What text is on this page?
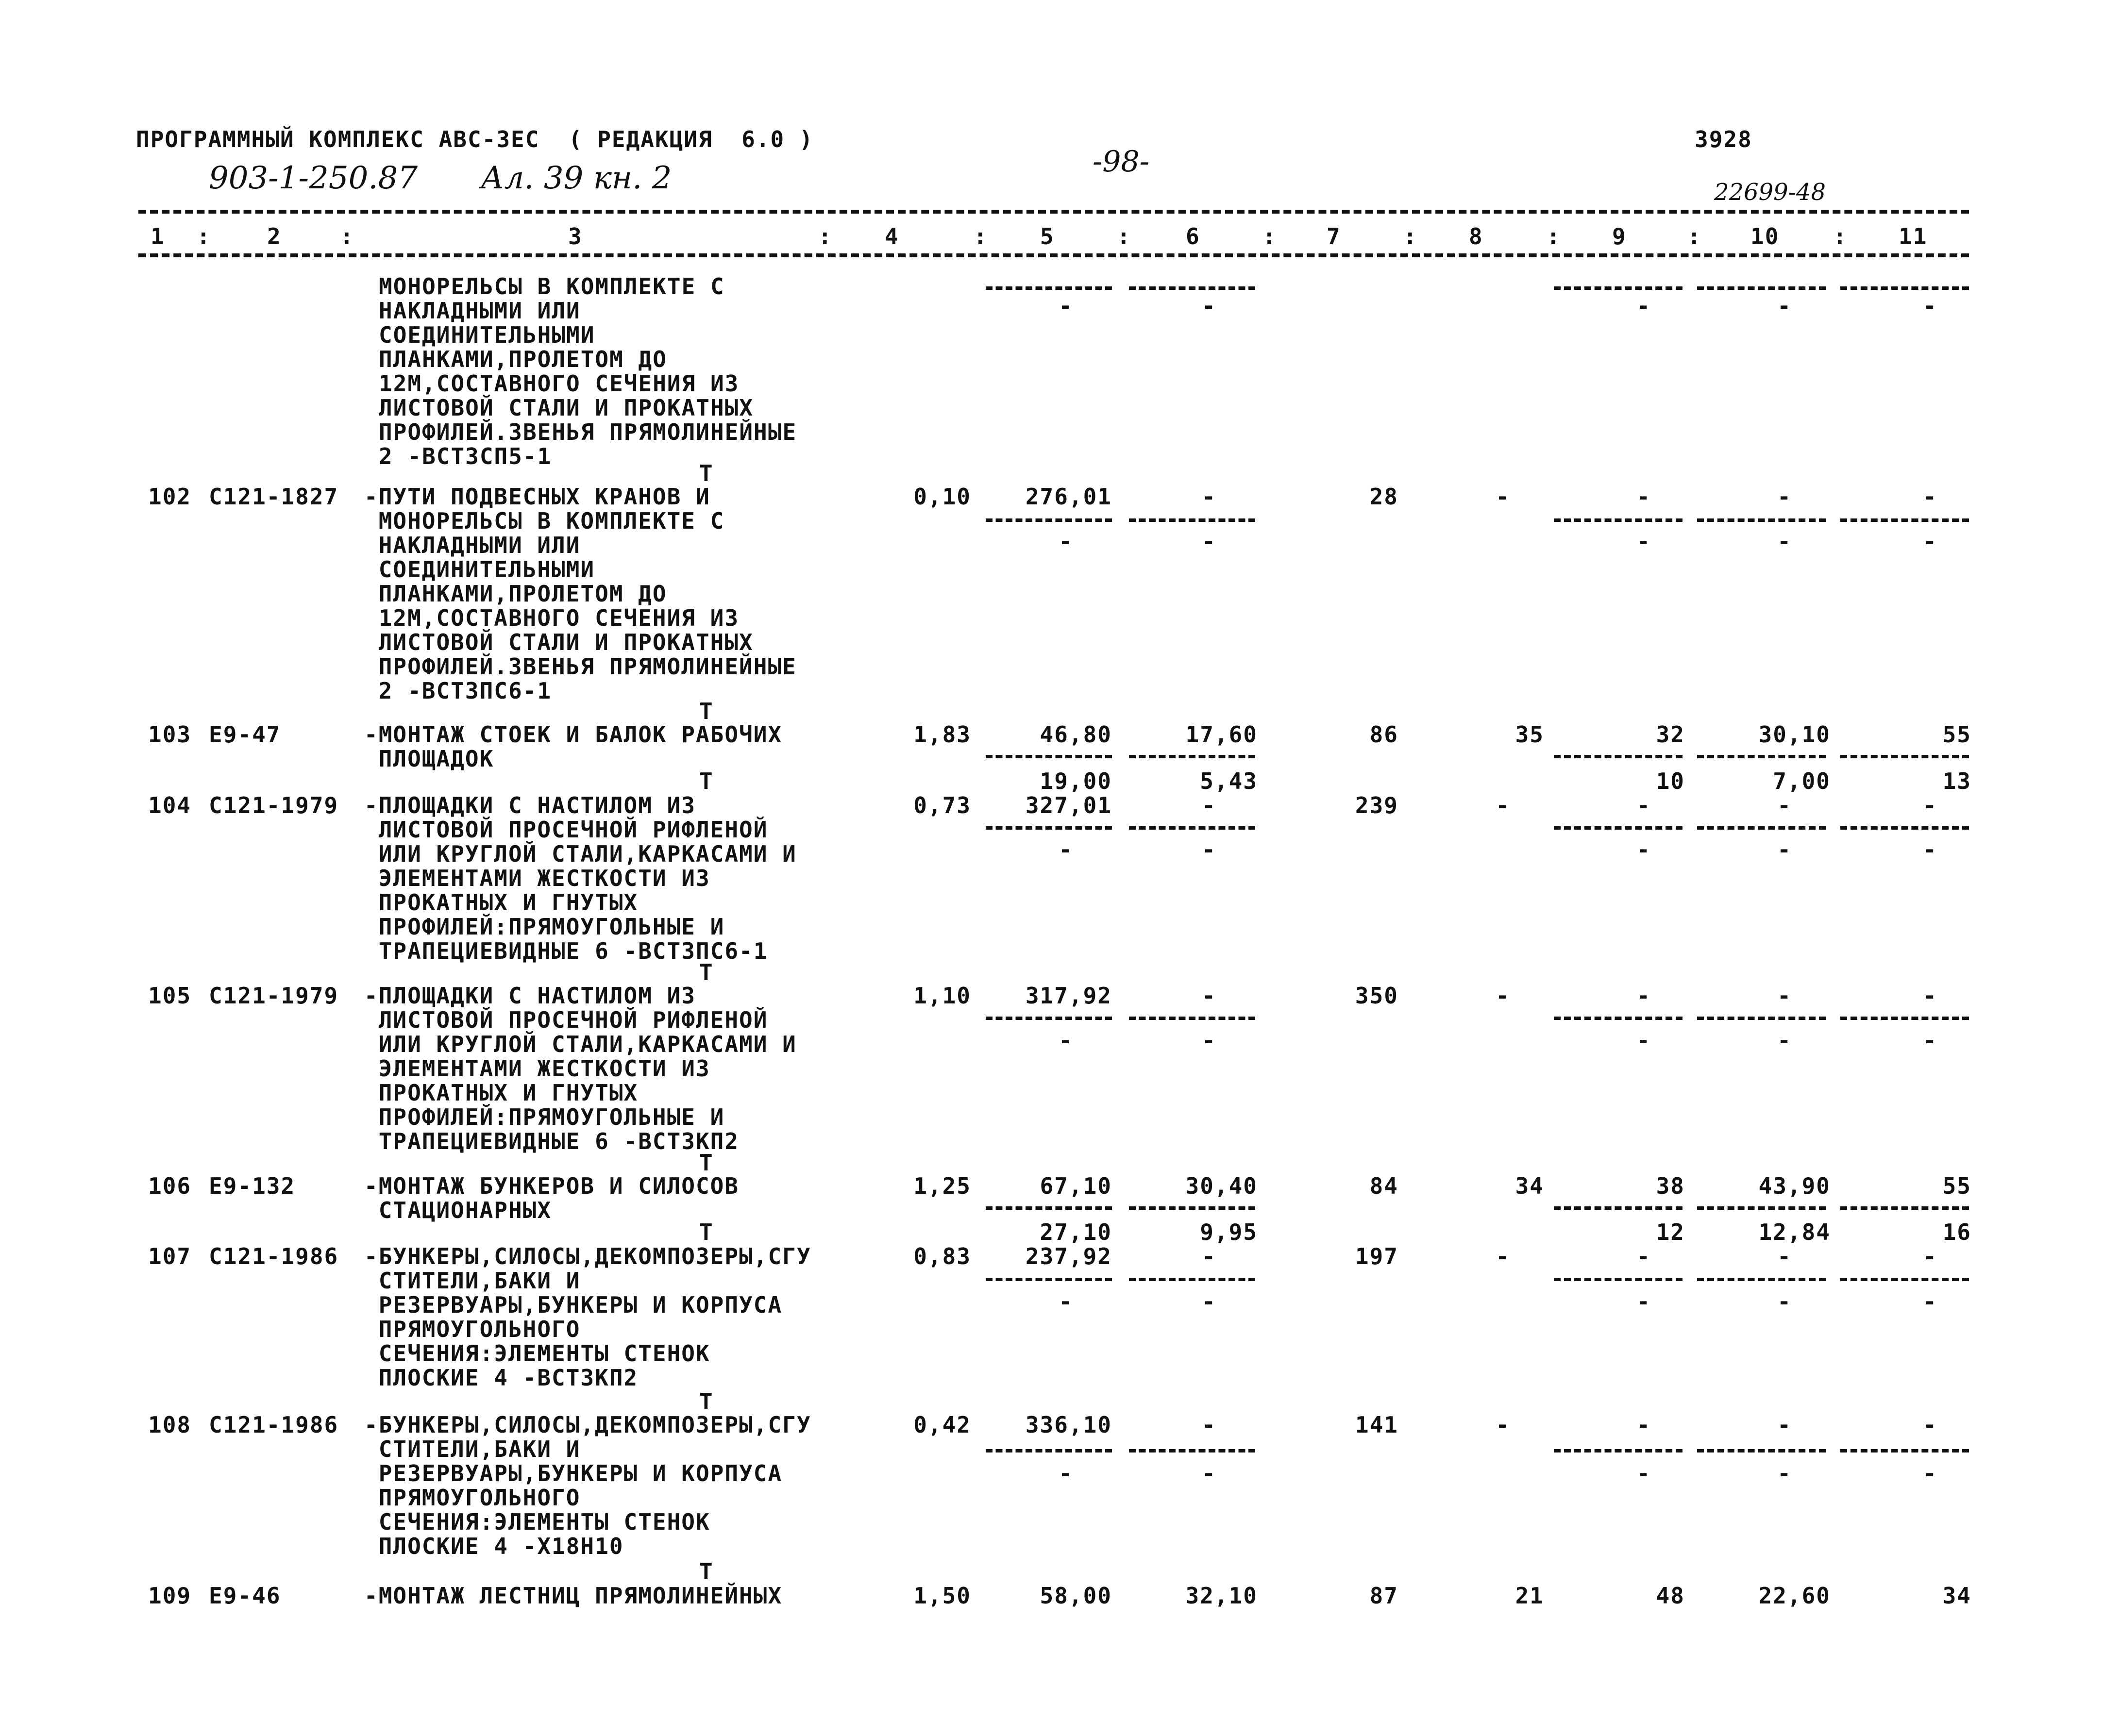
ПРОГРАММНЫЙ КОМПЛЕКС АВС-ЗЕС  ( РЕДАКЦИЯ  6.0 )
903-1-250.87 Ал. 39 кн. 2	-98-
3928
22699-48
1	2	3	4	5	6	7	8	9	10	11
:	:	:	:	:	:	:	:	:	:
МОНОРЕЛЬСЫ В КОМПЛЕКТЕ С
НАКЛАДНЫМИ ИЛИ
СОЕДИНИТЕЛЬНЫМИ
ПЛАНКАМИ,ПРОЛЕТОМ ДО
12М,СОСТАВНОГО СЕЧЕНИЯ ИЗ
ЛИСТОВОЙ СТАЛИ И ПРОКАТНЫХ
ПРОФИЛЕЙ.ЗВЕНЬЯ ПРЯМОЛИНЕЙНЫЕ
2 -ВСТ3СП5-1
-	-	-	-	-
Т
102 С121-1827 -ПУТИ ПОДВЕСНЫХ КРАНОВ И
МОНОРЕЛЬСЫ В КОМПЛЕКТЕ С
НАКЛАДНЫМИ ИЛИ
СОЕДИНИТЕЛЬНЫМИ
ПЛАНКАМИ,ПРОЛЕТОМ ДО
12М,СОСТАВНОГО СЕЧЕНИЯ ИЗ
ЛИСТОВОЙ СТАЛИ И ПРОКАТНЫХ
ПРОФИЛЕЙ.ЗВЕНЬЯ ПРЯМОЛИНЕЙНЫЕ
2 -ВСТ3ПС6-1
0,10	276,01	-	28	-	-	-	-
-	-	-	-	-
Т
103 Е9-47	-МОНТАЖ СТОЕК И БАЛОК РАБОЧИХ
ПЛОЩАДОК
1,83	46,80	17,60	86	35	32	30,10	55
19,00	5,43	10	7,00	13
Т
104 С121-1979 -ПЛОЩАДКИ С НАСТИЛОМ ИЗ
ЛИСТОВОЙ ПРОСЕЧНОЙ РИФЛЕНОЙ
ИЛИ КРУГЛОЙ СТАЛИ,КАРКАСАМИ И
ЭЛЕМЕНТАМИ ЖЕСТКОСТИ ИЗ
ПРОКАТНЫХ И ГНУТЫХ
ПРОФИЛЕЙ:ПРЯМОУГОЛЬНЫЕ И
ТРАПЕЦИЕВИДНЫЕ 6 -ВСТ3ПС6-1
0,73	327,01	-	239	-	-	-	-
-	-	-	-	-
Т
105 С121-1979 -ПЛОЩАДКИ С НАСТИЛОМ ИЗ
ЛИСТОВОЙ ПРОСЕЧНОЙ РИФЛЕНОЙ
ИЛИ КРУГЛОЙ СТАЛИ,КАРКАСАМИ И
ЭЛЕМЕНТАМИ ЖЕСТКОСТИ ИЗ
ПРОКАТНЫХ И ГНУТЫХ
ПРОФИЛЕЙ:ПРЯМОУГОЛЬНЫЕ И
ТРАПЕЦИЕВИДНЫЕ 6 -ВСТ3КП2
1,10	317,92	-	350	-	-	-	-
-	-	-	-	-
Т
106 Е9-132	-МОНТАЖ БУНКЕРОВ И СИЛОСОВ
СТАЦИОНАРНЫХ
1,25	67,10	30,40	84	34	38	43,90	55
27,10	9,95	12	12,84	16
Т
107 С121-1986 -БУНКЕРЫ,СИЛОСЫ,ДЕКОМПОЗЕРЫ,СГУ
СТИТЕЛИ,БАКИ И
РЕЗЕРВУАРЫ,БУНКЕРЫ И КОРПУСА
ПРЯМОУГОЛЬНОГО
СЕЧЕНИЯ:ЭЛЕМЕНТЫ СТЕНОК
ПЛОСКИЕ 4 -ВСТ3КП2
0,83	237,92	-	197	-	-	-	-
-	-	-	-	-
Т
108 С121-1986 -БУНКЕРЫ,СИЛОСЫ,ДЕКОМПОЗЕРЫ,СГУ
СТИТЕЛИ,БАКИ И
РЕЗЕРВУАРЫ,БУНКЕРЫ И КОРПУСА
ПРЯМОУГОЛЬНОГО
СЕЧЕНИЯ:ЭЛЕМЕНТЫ СТЕНОК
ПЛОСКИЕ 4 -Х18Н10
0,42	336,10	-	141	-	-	-	-
-	-	-	-	-
Т
109 Е9-46	-МОНТАЖ ЛЕСТНИЦ ПРЯМОЛИНЕЙНЫХ	1,50	58,00	32,10	87	21	48	22,60	34
